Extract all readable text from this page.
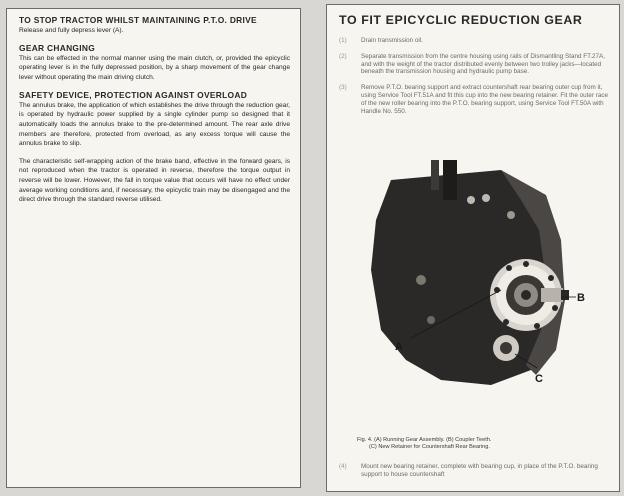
TO STOP TRACTOR WHILST MAINTAINING P.T.O. DRIVE

Release and fully depress lever (A).

GEAR CHANGING

This can be effected in the normal manner using the main clutch, or, provided the epicyclic operating lever is in the fully depressed position, by a sharp movement of the gear change lever without operating the main driving clutch.

SAFETY DEVICE, PROTECTION AGAINST OVERLOAD

The annulus brake, the application of which establishes the drive through the reduction gear, is operated by hydraulic power supplied by a single cylinder pump so designed that it automatically loads the annulus brake to the pre-determined amount. The rear axle drive members are therefore, protected from overload, as any excess torque will cause the annulus brake to slip.

The characteristic self-wrapping action of the brake band, effective in the forward gears, is not reproduced when the tractor is operated in reverse, therefore the torque output in reverse will be lower. However, the fall in torque value that occurs will have no effect under average working conditions and, if necessary, the epicyclic train may be disengaged and the direct drive through the standard reverse utilised.

TO FIT EPICYCLIC REDUCTION GEAR

(1)	Drain transmission oil.
(2)	Separate transmission from the centre housing using rails of Dismantling Stand FT.27A, and with the weight of the tractor distributed evenly between two trolley jacks—located beneath the transmission housing and hydraulic pump base.
(3)	Remove P.T.O. bearing support and extract countershaft rear bearing outer cup from it, using Service Tool FT.51A and fit this cup into the new bearing retainer. Fit the outer race of the new roller bearing into the P.T.O. bearing support, using Service Tool FT.50A with Handle No. 550.
A
B
C
Fig. 4. (A) Running Gear Assembly. (B) Coupler Teeth.
(C) New Retainer for Countershaft Rear Bearing.
(4)	Mount new bearing retainer, complete with bearing cup, in place of the P.T.O. bearing support to house countershaft
